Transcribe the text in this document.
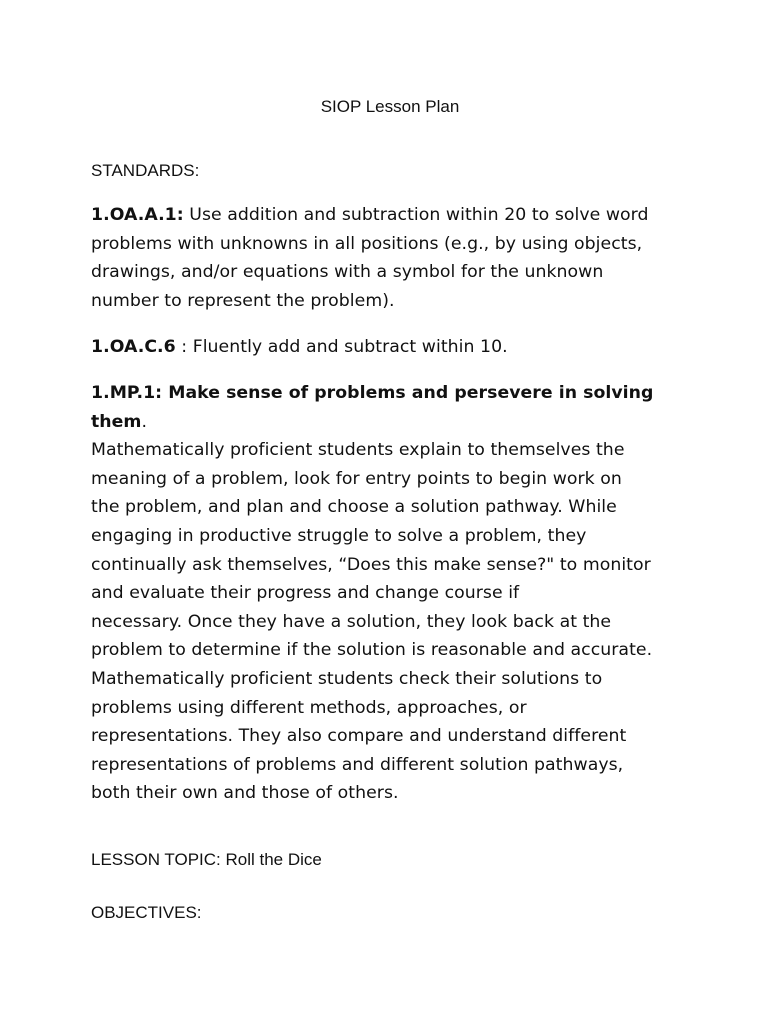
SIOP Lesson Plan
STANDARDS:
1.OA.A.1: Use addition and subtraction within 20 to solve word
problems with unknowns in all positions (e.g., by using objects,
drawings, and/or equations with a symbol for the unknown
number to represent the problem).
1.OA.C.6 : Fluently add and subtract within 10.
1.MP.1: Make sense of problems and persevere in solving
them.
Mathematically proficient students explain to themselves the
meaning of a problem, look for entry points to begin work on
the problem, and plan and choose a solution pathway. While
engaging in productive struggle to solve a problem, they
continually ask themselves, “Does this make sense?" to monitor
and evaluate their progress and change course if
necessary. Once they have a solution, they look back at the
problem to determine if the solution is reasonable and accurate.
Mathematically proficient students check their solutions to
problems using different methods, approaches, or
representations. They also compare and understand different
representations of problems and different solution pathways,
both their own and those of others.
LESSON TOPIC: Roll the Dice
OBJECTIVES:
